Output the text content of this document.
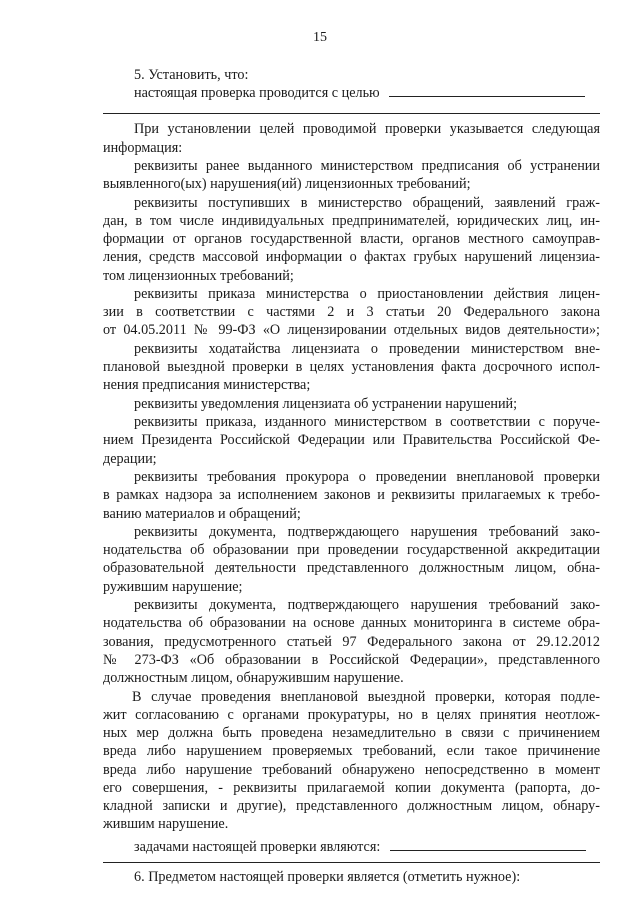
15
5. Установить, что:
настоящая проверка проводится с целью
При установлении целей проводимой проверки указывается следующая
информация:
реквизиты ранее выданного министерством предписания об устранении
выявленного(ых) нарушения(ий) лицензионных требований;
реквизиты поступивших в министерство обращений, заявлений граж-
дан, в том числе индивидуальных предпринимателей, юридических лиц, ин-
формации от органов государственной власти, органов местного самоуправ-
ления, средств массовой информации о фактах грубых нарушений лицензиа-
том лицензионных требований;
реквизиты приказа министерства о приостановлении действия лицен-
зии в соответствии с частями 2 и 3 статьи 20 Федерального закона
от 04.05.2011 № 99-ФЗ «О лицензировании отдельных видов деятельности»;
реквизиты ходатайства лицензиата о проведении министерством вне-
плановой выездной проверки в целях установления факта досрочного испол-
нения предписания министерства;
реквизиты уведомления лицензиата об устранении нарушений;
реквизиты приказа, изданного министерством в соответствии с поруче-
нием Президента Российской Федерации или Правительства Российской Фе-
дерации;
реквизиты требования прокурора о проведении внеплановой проверки
в рамках надзора за исполнением законов и реквизиты прилагаемых к требо-
ванию материалов и обращений;
реквизиты документа, подтверждающего нарушения требований зако-
нодательства об образовании при проведении государственной аккредитации
образовательной деятельности представленного должностным лицом, обна-
ружившим нарушение;
реквизиты документа, подтверждающего нарушения требований зако-
нодательства об образовании на основе данных мониторинга в системе обра-
зования, предусмотренного статьей 97 Федерального закона от 29.12.2012
№ 273-ФЗ «Об образовании в Российской Федерации», представленного
должностным лицом, обнаружившим нарушение.
В случае проведения внеплановой выездной проверки, которая подле-
жит согласованию с органами прокуратуры, но в целях принятия неотлож-
ных мер должна быть проведена незамедлительно в связи с причинением
вреда либо нарушением проверяемых требований, если такое причинение
вреда либо нарушение требований обнаружено непосредственно в момент
его совершения, - реквизиты прилагаемой копии документа (рапорта, до-
кладной записки и другие), представленного должностным лицом, обнару-
жившим нарушение.
задачами настоящей проверки являются:
6. Предметом настоящей проверки является (отметить нужное):
